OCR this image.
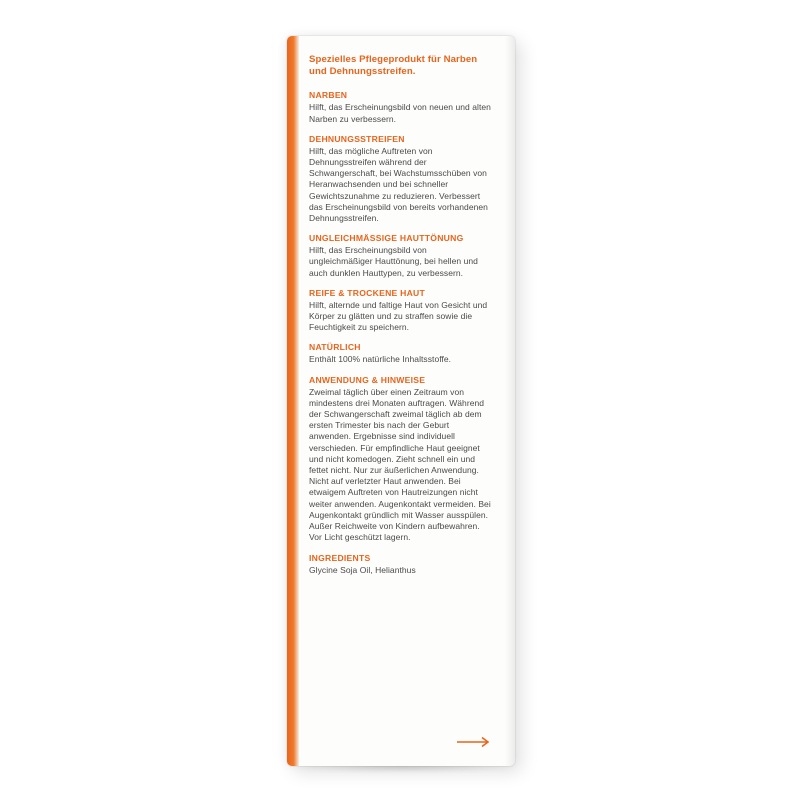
Spezielles Pflegeprodukt für Narben und Dehnungsstreifen.

NARBEN

Hilft, das Erscheinungsbild von neuen und alten Narben zu verbessern.

DEHNUNGSSTREIFEN

Hilft, das mögliche Auftreten von Dehnungsstreifen während der Schwangerschaft, bei Wachstumsschüben von Heranwachsenden und bei schneller Gewichtszunahme zu reduzieren. Verbessert das Erscheinungsbild von bereits vorhandenen Dehnungsstreifen.

UNGLEICHMÄSSIGE HAUTTÖNUNG

Hilft, das Erscheinungsbild von ungleichmäßiger Hauttönung, bei hellen und auch dunklen Hauttypen, zu verbessern.

REIFE & TROCKENE HAUT

Hilft, alternde und faltige Haut von Gesicht und Körper zu glätten und zu straffen sowie die Feuchtigkeit zu speichern.

NATÜRLICH

Enthält 100% natürliche Inhaltsstoffe.

ANWENDUNG & HINWEISE

Zweimal täglich über einen Zeitraum von mindestens drei Monaten auftragen. Während der Schwangerschaft zweimal täglich ab dem ersten Trimester bis nach der Geburt anwenden. Ergebnisse sind individuell verschieden. Für empfindliche Haut geeignet und nicht komedogen. Zieht schnell ein und fettet nicht. Nur zur äußerlichen Anwendung. Nicht auf verletzter Haut anwenden. Bei etwaigem Auftreten von Hautreizungen nicht weiter anwenden. Augenkontakt vermeiden. Bei Augenkontakt gründlich mit Wasser ausspülen. Außer Reichweite von Kindern aufbewahren. Vor Licht geschützt lagern.

INGREDIENTS

Glycine Soja Oil, Helianthus
